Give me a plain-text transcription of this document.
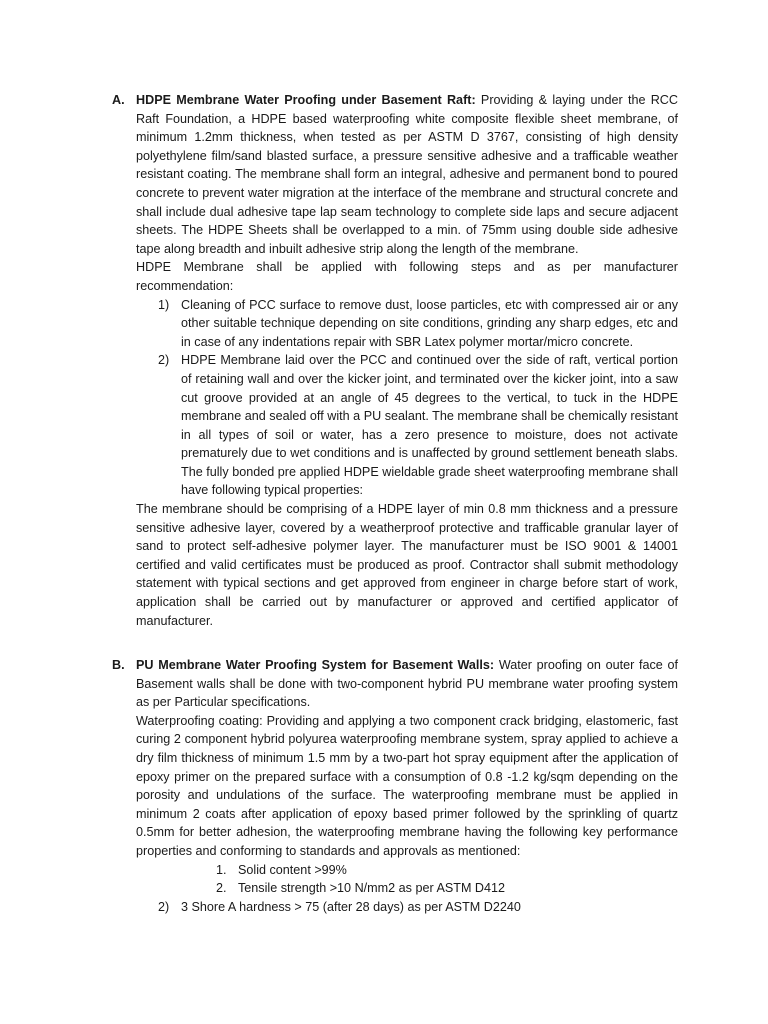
A. HDPE Membrane Water Proofing under Basement Raft: Providing & laying under the RCC Raft Foundation, a HDPE based waterproofing white composite flexible sheet membrane, of minimum 1.2mm thickness, when tested as per ASTM D 3767, consisting of high density polyethylene film/sand blasted surface, a pressure sensitive adhesive and a trafficable weather resistant coating. The membrane shall form an integral, adhesive and permanent bond to poured concrete to prevent water migration at the interface of the membrane and structural concrete and shall include dual adhesive tape lap seam technology to complete side laps and secure adjacent sheets. The HDPE Sheets shall be overlapped to a min. of 75mm using double side adhesive tape along breadth and inbuilt adhesive strip along the length of the membrane.

HDPE Membrane shall be applied with following steps and as per manufacturer recommendation:

1) Cleaning of PCC surface to remove dust, loose particles, etc with compressed air or any other suitable technique depending on site conditions, grinding any sharp edges, etc and in case of any indentations repair with SBR Latex polymer mortar/micro concrete.
2) HDPE Membrane laid over the PCC and continued over the side of raft, vertical portion of retaining wall and over the kicker joint, and terminated over the kicker joint, into a saw cut groove provided at an angle of 45 degrees to the vertical, to tuck in the HDPE membrane and sealed off with a PU sealant. The membrane shall be chemically resistant in all types of soil or water, has a zero presence to moisture, does not activate prematurely due to wet conditions and is unaffected by ground settlement beneath slabs. The fully bonded pre applied HDPE wieldable grade sheet waterproofing membrane shall have following typical properties:

The membrane should be comprising of a HDPE layer of min 0.8 mm thickness and a pressure sensitive adhesive layer, covered by a weatherproof protective and trafficable granular layer of sand to protect self-adhesive polymer layer. The manufacturer must be ISO 9001 & 14001 certified and valid certificates must be produced as proof. Contractor shall submit methodology statement with typical sections and get approved from engineer in charge before start of work, application shall be carried out by manufacturer or approved and certified applicator of manufacturer.

B. PU Membrane Water Proofing System for Basement Walls: Water proofing on outer face of Basement walls shall be done with two-component hybrid PU membrane water proofing system as per Particular specifications.

Waterproofing coating: Providing and applying a two component crack bridging, elastomeric, fast curing 2 component hybrid polyurea waterproofing membrane system, spray applied to achieve a dry film thickness of minimum 1.5 mm by a two-part hot spray equipment after the application of epoxy primer on the prepared surface with a consumption of 0.8 -1.2 kg/sqm depending on the porosity and undulations of the surface. The waterproofing membrane must be applied in minimum 2 coats after application of epoxy based primer followed by the sprinkling of quartz 0.5mm for better adhesion, the waterproofing membrane having the following key performance properties and conforming to standards and approvals as mentioned:

1. Solid content >99%
2. Tensile strength >10 N/mm2 as per ASTM D412
2) 3 Shore A hardness > 75 (after 28 days) as per ASTM D2240
